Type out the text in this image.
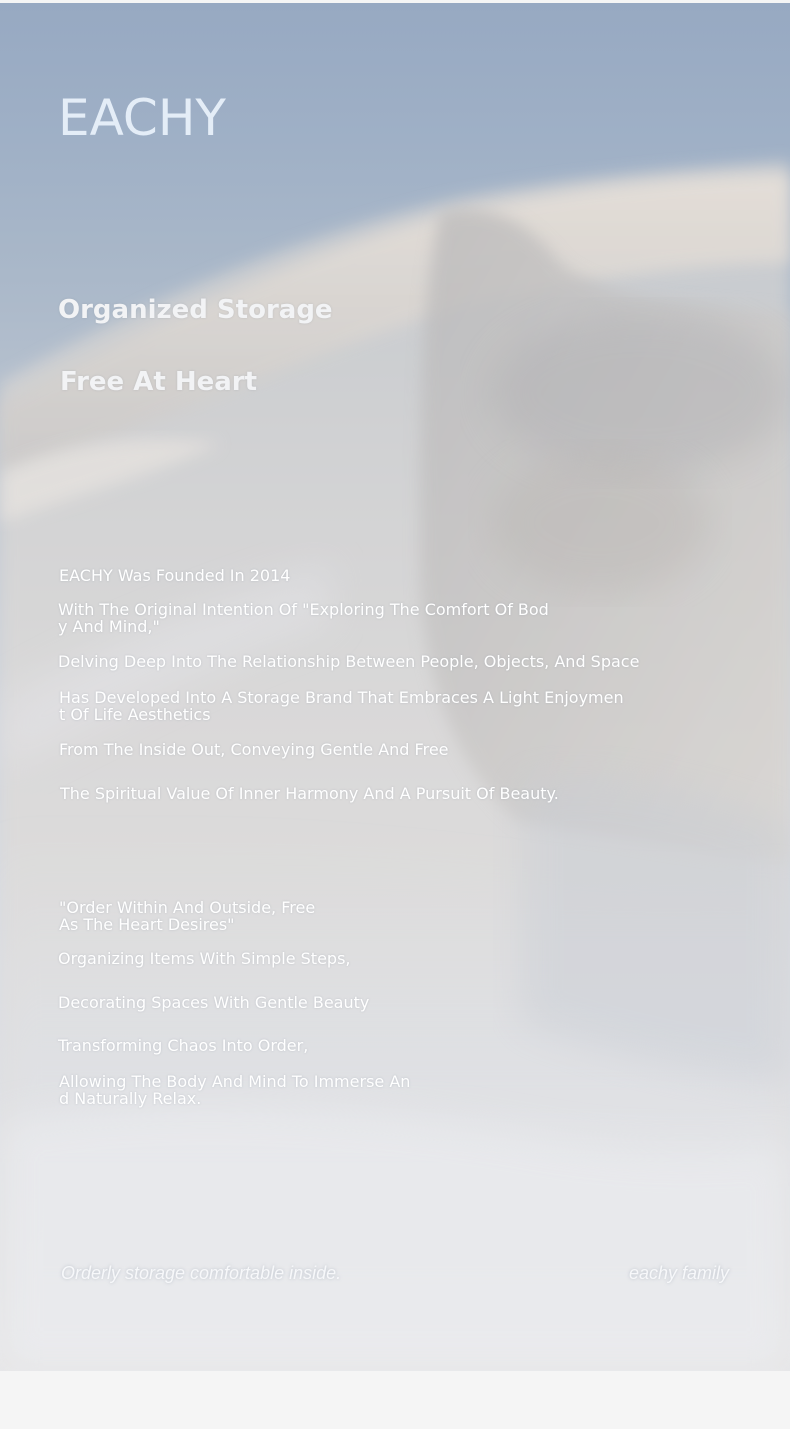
EACHY
Organized Storage
Free At Heart
EACHY Was Founded In 2014
With The Original Intention Of "Exploring The Comfort Of Bod
y And Mind,"
Delving Deep Into The Relationship Between People, Objects, And Space
Has Developed Into A Storage Brand That Embraces A Light Enjoymen
t Of Life Aesthetics
From The Inside Out, Conveying Gentle And Free
The Spiritual Value Of Inner Harmony And A Pursuit Of Beauty.
"Order Within And Outside, Free
As The Heart Desires"
Organizing Items With Simple Steps,
Decorating Spaces With Gentle Beauty
Transforming Chaos Into Order,
Allowing The Body And Mind To Immerse An
d Naturally Relax.
Orderly storage comfortable inside.	eachy family
